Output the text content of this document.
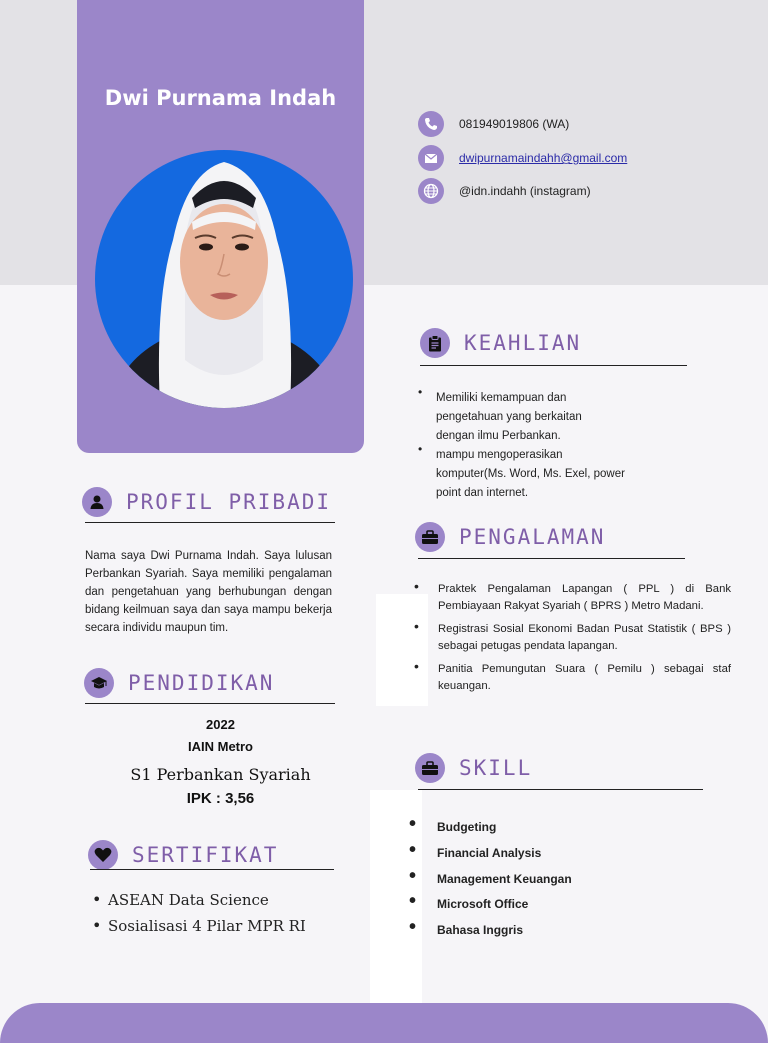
Dwi Purnama Indah
081949019806 (WA)
dwipurnamaindahh@gmail.com
@idn.indahh (instagram)
PROFIL PRIBADI
Nama saya Dwi Purnama Indah. Saya lulusan Perbankan Syariah. Saya memiliki pengalaman dan pengetahuan yang berhubungan dengan bidang keilmuan saya dan saya mampu bekerja secara individu maupun tim.
PENDIDIKAN
2022
IAIN Metro
S1 Perbankan Syariah
IPK : 3,56
SERTIFIKAT
• ASEAN Data Science
• Sosialisasi 4 Pilar MPR RI
KEAHLIAN
•	Memiliki kemampuan dan
pengetahuan yang berkaitan
dengan ilmu Perbankan.
•	mampu mengoperasikan
komputer(Ms. Word, Ms. Exel, power
point dan internet.
PENGALAMAN
• Praktek Pengalaman Lapangan ( PPL ) di Bank Pembiayaan Rakyat Syariah ( BPRS ) Metro Madani.
• Registrasi Sosial Ekonomi Badan Pusat Statistik ( BPS ) sebagai petugas pendata lapangan.
• Panitia Pemungutan Suara ( Pemilu ) sebagai staf keuangan.
SKILL
• Budgeting
• Financial Analysis
• Management Keuangan
• Microsoft Office
• Bahasa Inggris
